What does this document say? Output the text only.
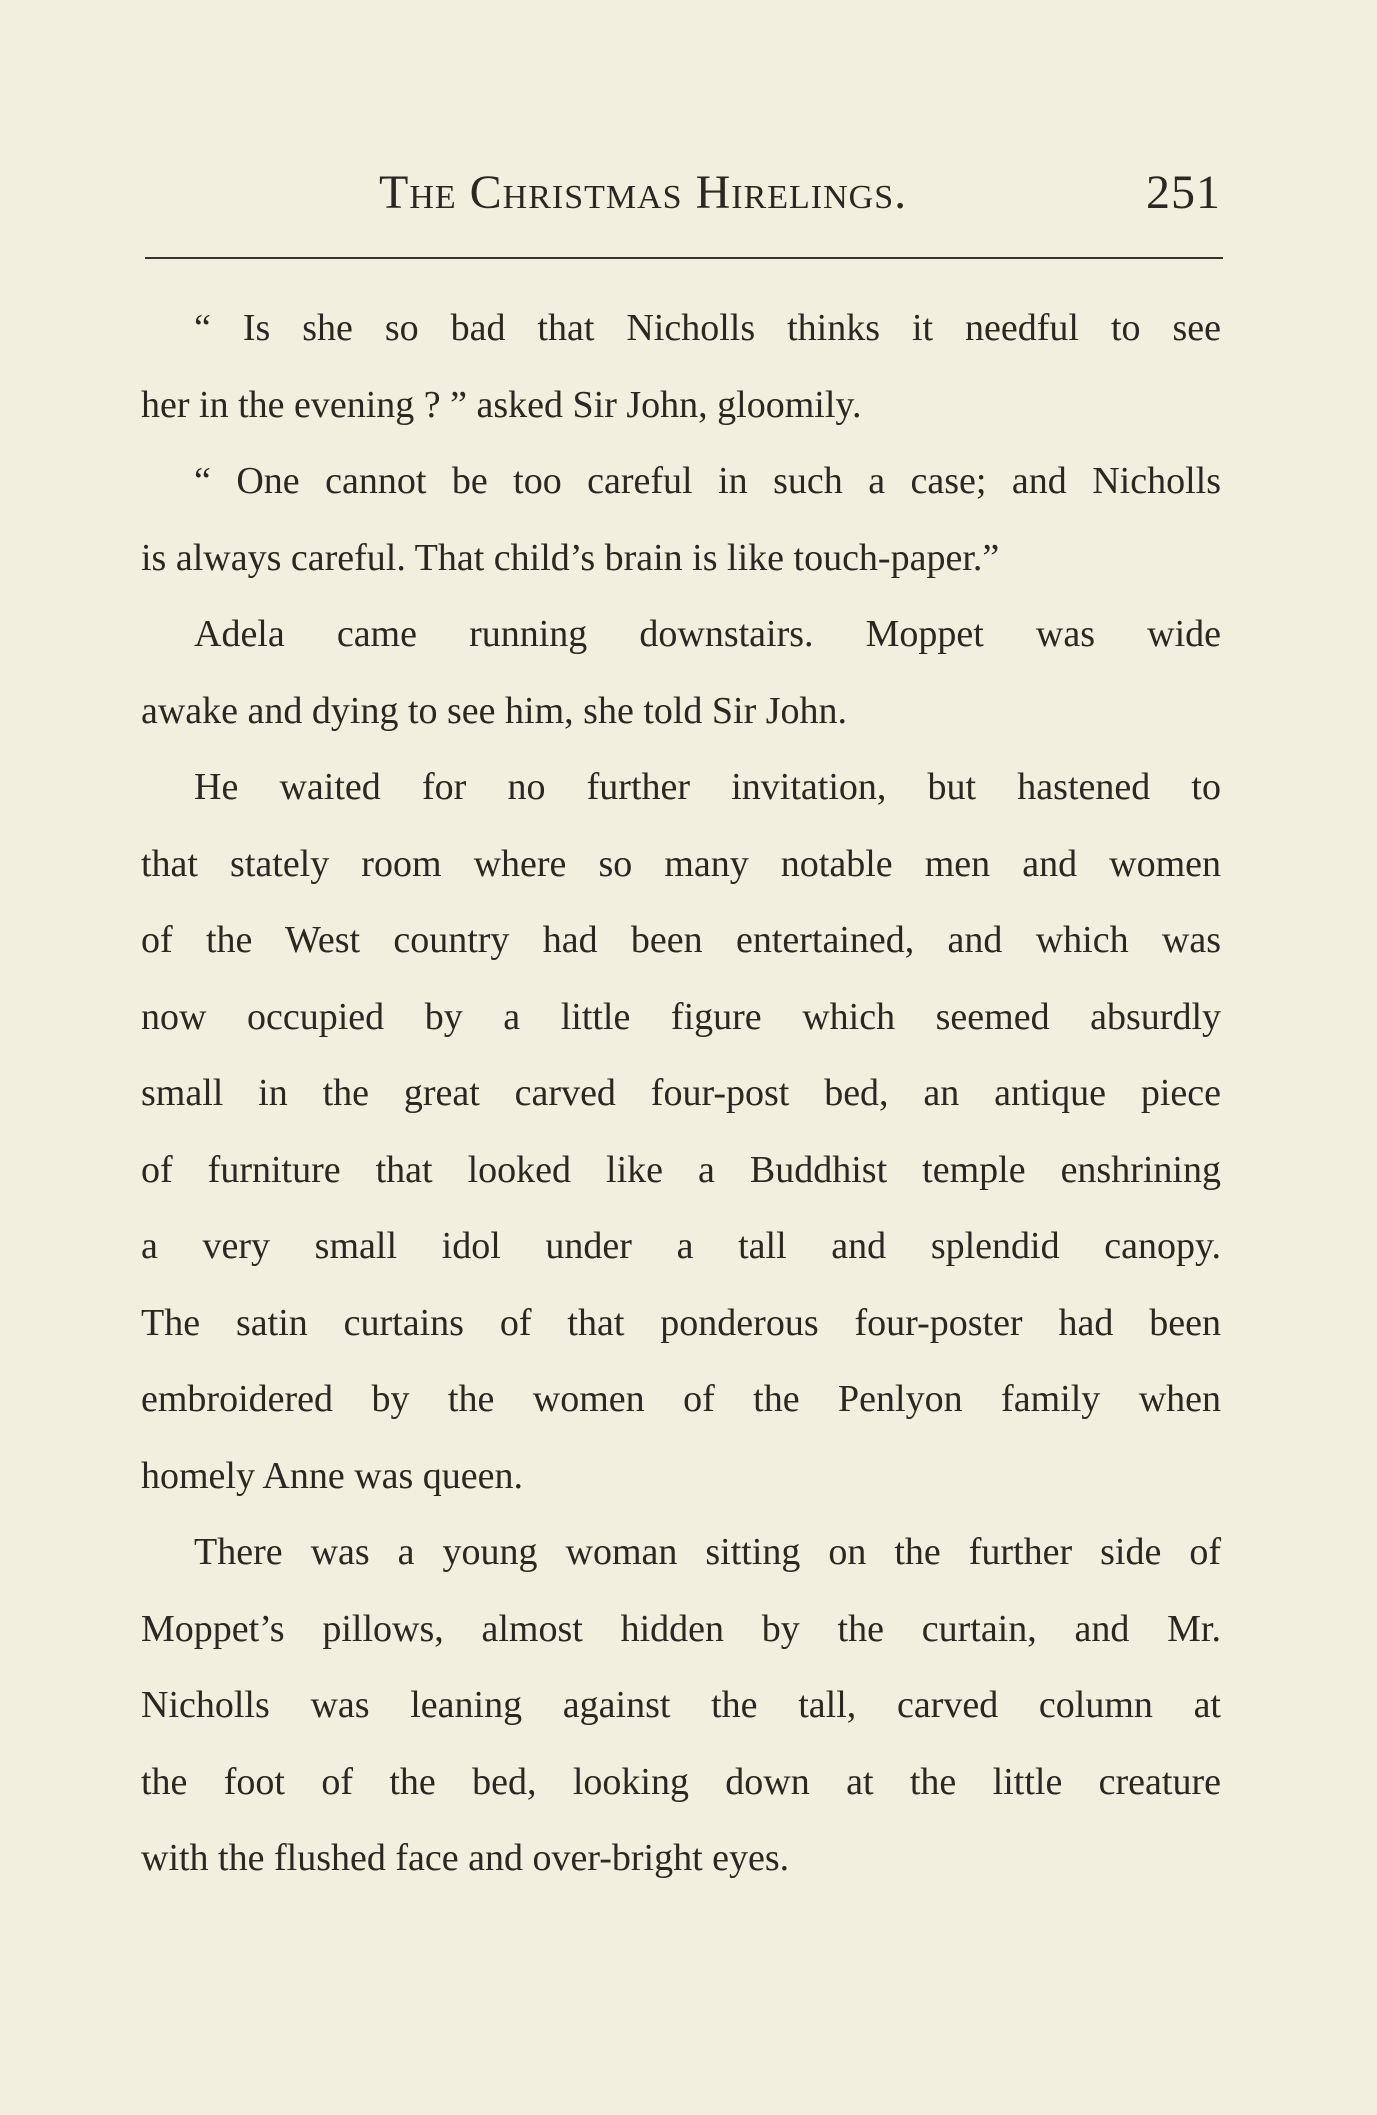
The Christmas Hirelings.	251
“ Is she so bad that Nicholls thinks it needful to see
her in the evening ? ” asked Sir John, gloomily.
“ One cannot be too careful in such a case; and Nicholls
is always careful. That child’s brain is like touch-paper.”
Adela came running downstairs. Moppet was wide
awake and dying to see him, she told Sir John.
He waited for no further invitation, but hastened to
that stately room where so many notable men and women
of the West country had been entertained, and which was
now occupied by a little figure which seemed absurdly
small in the great carved four-post bed, an antique piece
of furniture that looked like a Buddhist temple enshrining
a very small idol under a tall and splendid canopy.
The satin curtains of that ponderous four-poster had been
embroidered by the women of the Penlyon family when
homely Anne was queen.
There was a young woman sitting on the further side of
Moppet’s pillows, almost hidden by the curtain, and Mr.
Nicholls was leaning against the tall, carved column at
the foot of the bed, looking down at the little creature
with the flushed face and over-bright eyes.
